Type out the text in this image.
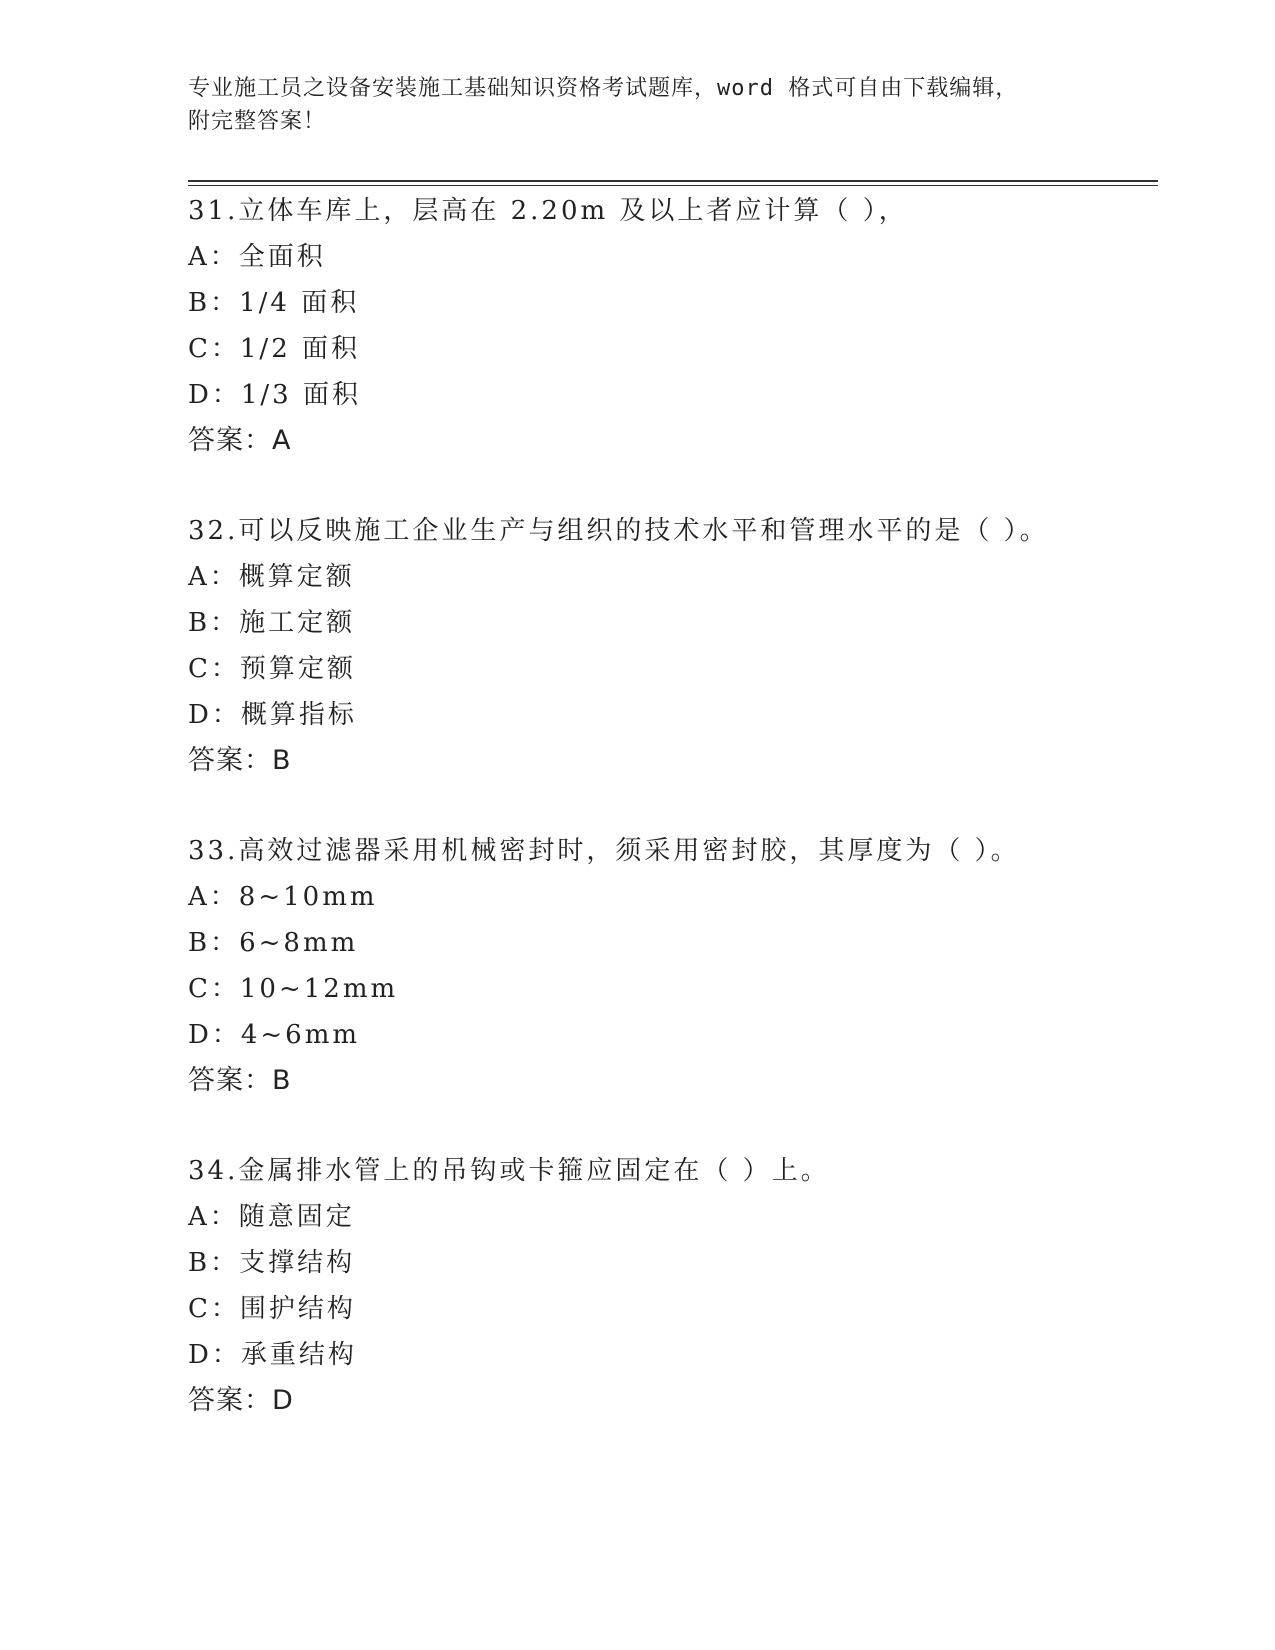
专业施工员之设备安装施工基础知识资格考试题库，word 格式可自由下载编辑，
附完整答案！
31.立体车库上，层高在 2.20m 及以上者应计算（ ），
A：全面积
B：1/4 面积
C：1/2 面积
D：1/3 面积
答案：A
32.可以反映施工企业生产与组织的技术水平和管理水平的是（ ）。
A：概算定额
B：施工定额
C：预算定额
D：概算指标
答案：B
33.高效过滤器采用机械密封时，须采用密封胶，其厚度为（ ）。
A：8~10mm
B：6~8mm
C：10~12mm
D：4~6mm
答案：B
34.金属排水管上的吊钩或卡箍应固定在（ ）上。
A：随意固定
B：支撑结构
C：围护结构
D：承重结构
答案：D
